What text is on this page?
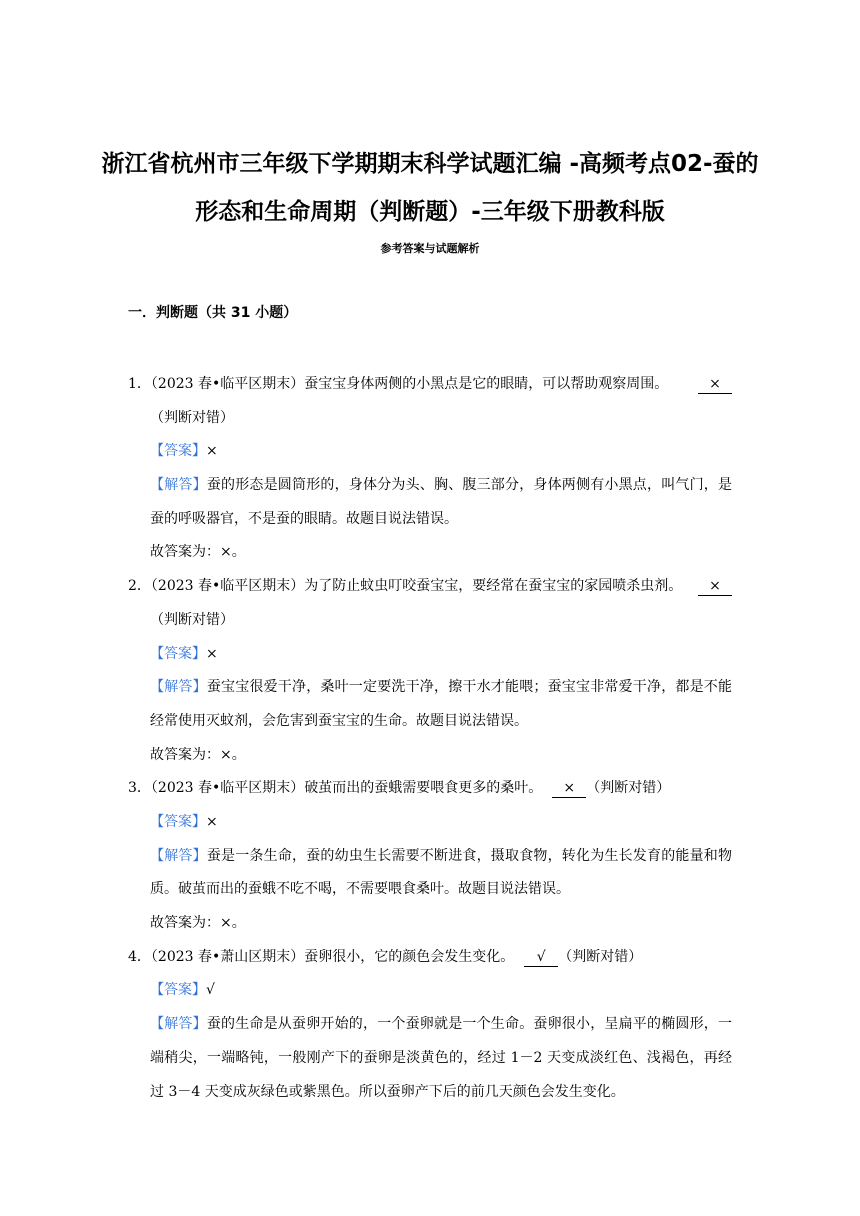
浙江省杭州市三年级下学期期末科学试题汇编 -高频考点02-蚕的形态和生命周期（判断题）-三年级下册教科版
参考答案与试题解析
一．判断题（共 31 小题）
1．（2023 春•临平区期末）蚕宝宝身体两侧的小黑点是它的眼睛，可以帮助观察周围。	×
（判断对错）
【答案】 ×
【解答】蚕的形态是圆筒形的，身体分为头、胸、腹三部分，身体两侧有小黑点，叫气门，是蚕的呼吸器官，不是蚕的眼睛。故题目说法错误。
故答案为：×。
2．（2023 春•临平区期末）为了防止蚊虫叮咬蚕宝宝，要经常在蚕宝宝的家园喷杀虫剂。	×
（判断对错）
【答案】 ×
【解答】蚕宝宝很爱干净，桑叶一定要洗干净，擦干水才能喂；蚕宝宝非常爱干净，都是不能经常使用灭蚊剂，会危害到蚕宝宝的生命。故题目说法错误。
故答案为：×。
3．（2023 春•临平区期末）破茧而出的蚕蛾需要喂食更多的桑叶。	× （判断对错）
【答案】 ×
【解答】蚕是一条生命，蚕的幼虫生长需要不断进食，摄取食物，转化为生长发育的能量和物质。破茧而出的蚕蛾不吃不喝，不需要喂食桑叶。故题目说法错误。
故答案为：×。
4．（2023 春•萧山区期末）蚕卵很小，它的颜色会发生变化。	√ （判断对错）
【答案】 √
【解答】蚕的生命是从蚕卵开始的，一个蚕卵就是一个生命。蚕卵很小，呈扁平的椭圆形，一端稍尖，一端略钝，一般刚产下的蚕卵是淡黄色的，经过 1－2 天变成淡红色、浅褐色，再经过 3－4 天变成灰绿色或紫黑色。所以蚕卵产下后的前几天颜色会发生变化。
